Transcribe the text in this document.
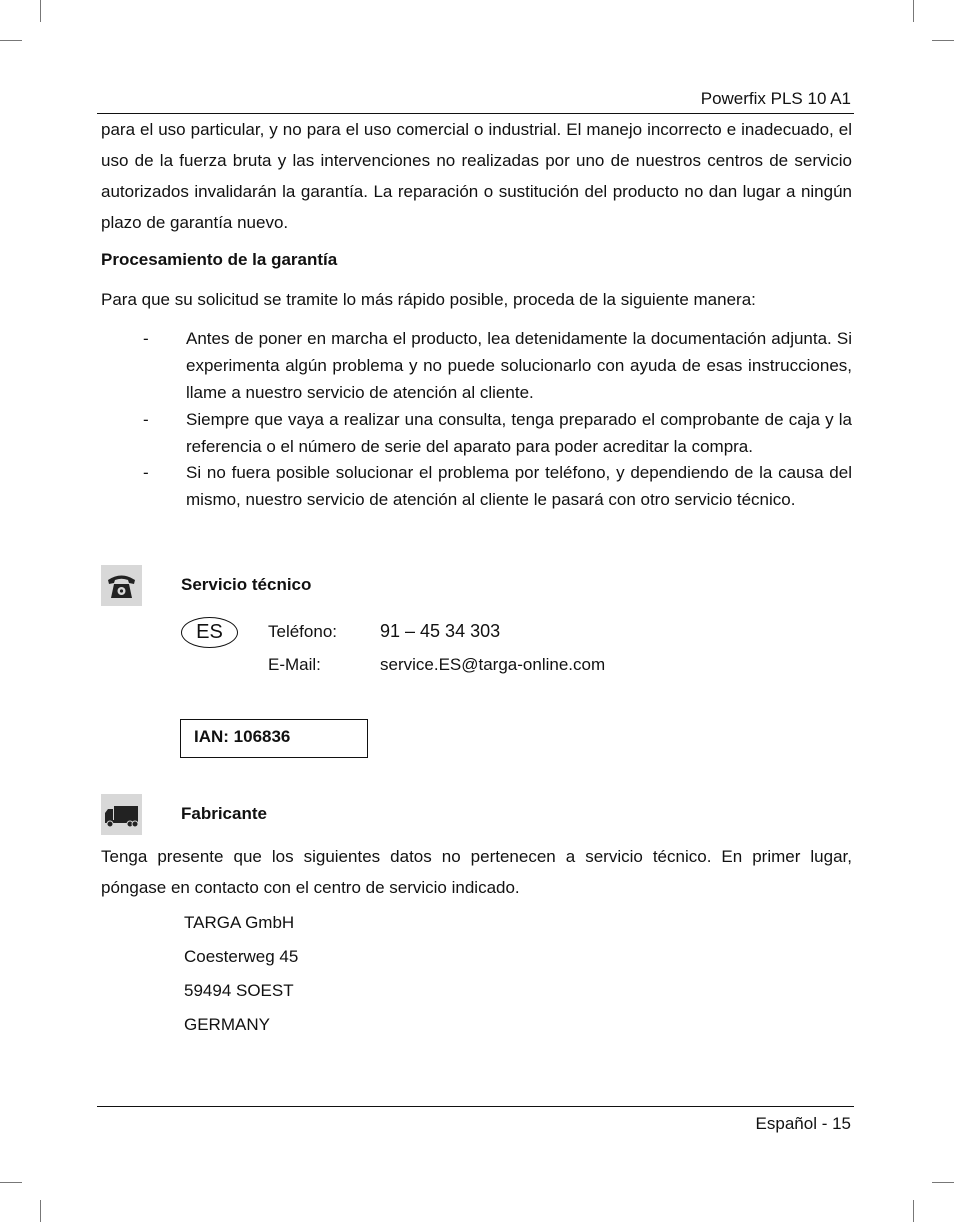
Powerfix PLS 10 A1

para el uso particular, y no para el uso comercial o industrial. El manejo incorrecto e inadecuado, el uso de la fuerza bruta y las intervenciones no realizadas por uno de nuestros centros de servicio autorizados invalidarán la garantía. La reparación o sustitución del producto no dan lugar a ningún plazo de garantía nuevo.

Procesamiento de la garantía

Para que su solicitud se tramite lo más rápido posible, proceda de la siguiente manera:

- Antes de poner en marcha el producto, lea detenidamente la documentación adjunta. Si experimenta algún problema y no puede solucionarlo con ayuda de esas instrucciones, llame a nuestro servicio de atención al cliente.
- Siempre que vaya a realizar una consulta, tenga preparado el comprobante de caja y la referencia o el número de serie del aparato para poder acreditar la compra.
- Si no fuera posible solucionar el problema por teléfono, y dependiendo de la causa del mismo, nuestro servicio de atención al cliente le pasará con otro servicio técnico.

Servicio técnico

ES	Teléfono: 91 – 45 34 303
E-Mail:	service.ES@targa-online.com
IAN: 106836

Fabricante

Tenga presente que los siguientes datos no pertenecen a servicio técnico. En primer lugar, póngase en contacto con el centro de servicio indicado.

TARGA GmbH
Coesterweg 45
59494 SOEST
GERMANY
Español - 15
